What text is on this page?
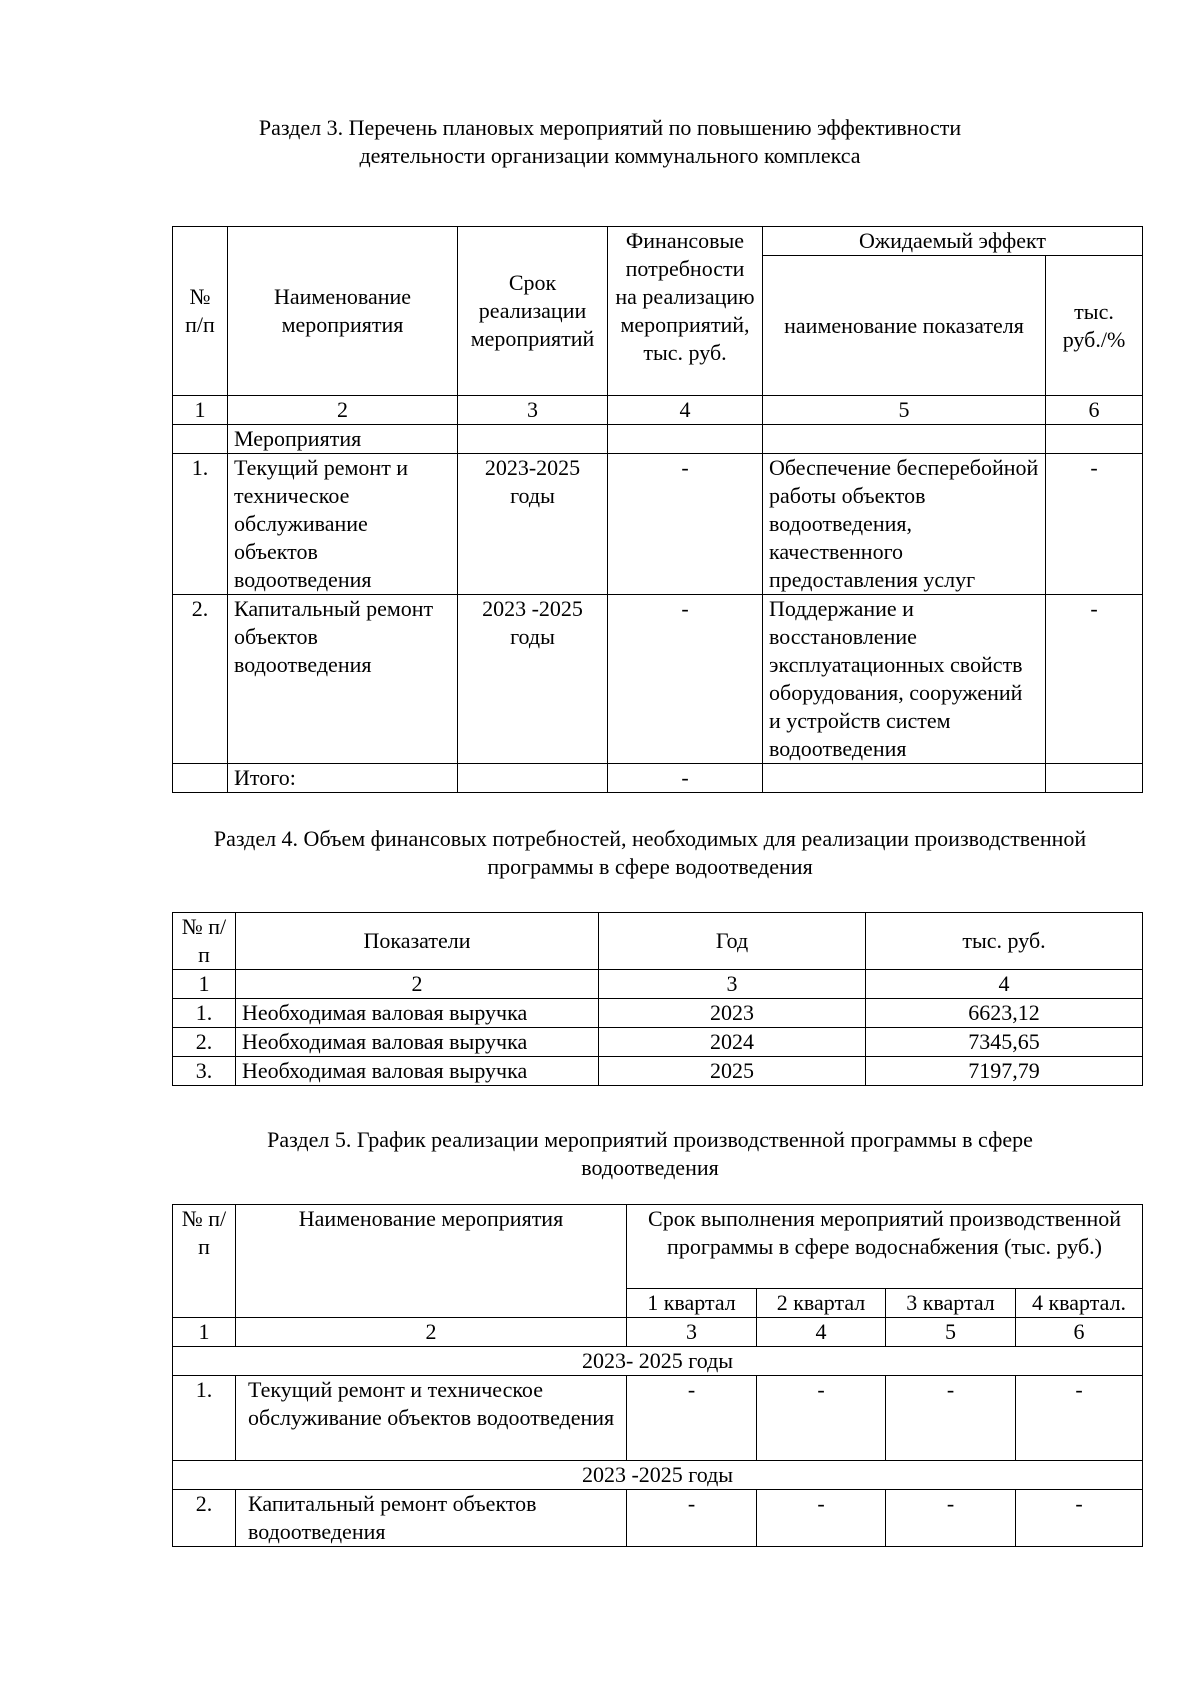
Раздел 3. Перечень плановых мероприятий по повышению эффективности
деятельности организации коммунального комплекса
№ п/п	Наименование мероприятия	Срок реализации мероприятий	Финансовые потребности на реализацию мероприятий, тыс. руб.	Ожидаемый эффект	
				наименование показателя	тыс. руб./%
1	2	3	4	5	6
	Мероприятия				
1.	Текущий ремонт и техническое обслуживание объектов водоотведения	2023-2025 годы	-	Обеспечение бесперебойной работы объектов водоотведения, качественного предоставления услуг	-
2.	Капитальный ремонт объектов водоотведения	2023 -2025 годы	-	Поддержание и восстановление эксплуатационных свойств оборудования, сооружений и устройств систем водоотведения	-
	Итого:		-		
Раздел 4. Объем финансовых потребностей, необходимых для реализации производственной
программы в сфере водоотведения
№ п/п	Показатели	Год	тыс. руб.
1	2	3	4
1.	Необходимая валовая выручка	2023	6623,12
2.	Необходимая валовая выручка	2024	7345,65
3.	Необходимая валовая выручка	2025	7197,79
Раздел 5. График реализации мероприятий производственной программы в сфере
водоотведения
№ п/п	Наименование мероприятия	Срок выполнения мероприятий производственной программы в сфере водоснабжения (тыс. руб.)			
		1 квартал	2 квартал	3 квартал	4 квартал.
1	2	3	4	5	6
2023- 2025 годы					
1.	Текущий ремонт и техническое обслуживание объектов водоотведения	-	-	-	-
2023 -2025 годы					
2.	Капитальный ремонт объектов водоотведения	-	-	-	-
